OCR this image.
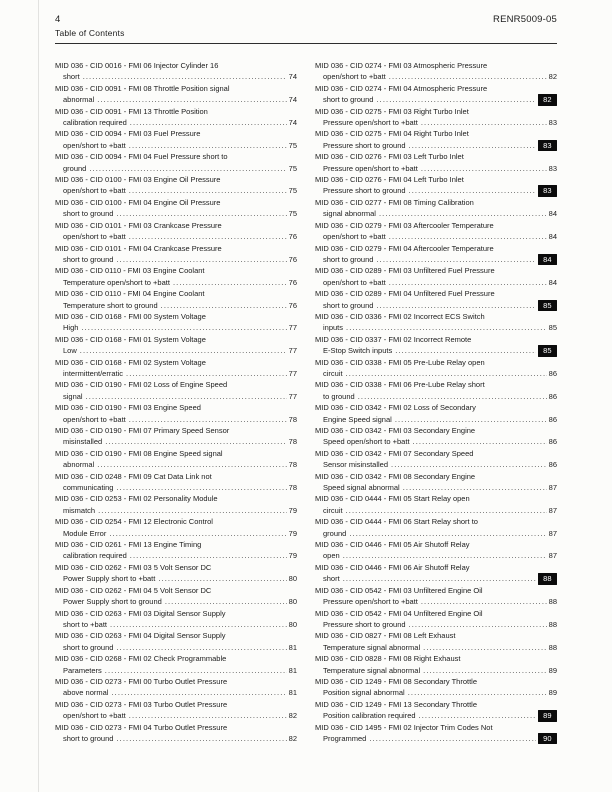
4	RENR5009-05
Table of Contents
MID 036 - CID 0016 - FMI 06 Injector Cylinder 16
short .....	74
MID 036 - CID 0091 - FMI 08 Throttle Position signal
abnormal .....	74
MID 036 - CID 0091 - FMI 13 Throttle Position
calibration required .....	74
MID 036 - CID 0094 - FMI 03 Fuel Pressure
open/short to +batt .....	75
MID 036 - CID 0094 - FMI 04 Fuel Pressure short to
ground .....	75
MID 036 - CID 0100 - FMI 03 Engine Oil Pressure
open/short to +batt .....	75
MID 036 - CID 0100 - FMI 04 Engine Oil Pressure
short to ground .....	75
MID 036 - CID 0101 - FMI 03 Crankcase Pressure
open/short to +batt .....	76
MID 036 - CID 0101 - FMI 04 Crankcase Pressure
short to ground .....	76
MID 036 - CID 0110 - FMI 03 Engine Coolant
Temperature open/short to +batt .....	76
MID 036 - CID 0110 - FMI 04 Engine Coolant
Temperature short to ground .....	76
MID 036 - CID 0168 - FMI 00 System Voltage
High .....	77
MID 036 - CID 0168 - FMI 01 System Voltage
Low .....	77
MID 036 - CID 0168 - FMI 02 System Voltage
intermittent/erratic .....	77
MID 036 - CID 0190 - FMI 02 Loss of Engine Speed
signal .....	77
MID 036 - CID 0190 - FMI 03 Engine Speed
open/short to +batt .....	78
MID 036 - CID 0190 - FMI 07 Primary Speed Sensor
misinstalled .....	78
MID 036 - CID 0190 - FMI 08 Engine Speed signal
abnormal .....	78
MID 036 - CID 0248 - FMI 09 Cat Data Link not
communicating .....	78
MID 036 - CID 0253 - FMI 02 Personality Module
mismatch .....	79
MID 036 - CID 0254 - FMI 12 Electronic Control
Module Error .....	79
MID 036 - CID 0261 - FMI 13 Engine Timing
calibration required .....	79
MID 036 - CID 0262 - FMI 03 5 Volt Sensor DC
Power Supply short to +batt .....	80
MID 036 - CID 0262 - FMI 04 5 Volt Sensor DC
Power Supply short to ground .....	80
MID 036 - CID 0263 - FMI 03 Digital Sensor Supply
short to +batt .....	80
MID 036 - CID 0263 - FMI 04 Digital Sensor Supply
short to ground .....	81
MID 036 - CID 0268 - FMI 02 Check Programmable
Parameters .....	81
MID 036 - CID 0273 - FMI 00 Turbo Outlet Pressure
above normal .....	81
MID 036 - CID 0273 - FMI 03 Turbo Outlet Pressure
open/short to +batt .....	82
MID 036 - CID 0273 - FMI 04 Turbo Outlet Pressure
short to ground .....	82
MID 036 - CID 0274 - FMI 03 Atmospheric Pressure
open/short to +batt .....	82
MID 036 - CID 0274 - FMI 04 Atmospheric Pressure
short to ground .....	82
MID 036 - CID 0275 - FMI 03 Right Turbo Inlet
Pressure open/short to +batt .....	83
MID 036 - CID 0275 - FMI 04 Right Turbo Inlet
Pressure short to ground .....	83
MID 036 - CID 0276 - FMI 03 Left Turbo Inlet
Pressure open/short to +batt .....	83
MID 036 - CID 0276 - FMI 04 Left Turbo Inlet
Pressure short to ground .....	83
MID 036 - CID 0277 - FMI 08 Timing Calibration
signal abnormal .....	84
MID 036 - CID 0279 - FMI 03 Aftercooler Temperature
open/short to +batt .....	84
MID 036 - CID 0279 - FMI 04 Aftercooler Temperature
short to ground .....	84
MID 036 - CID 0289 - FMI 03 Unfiltered Fuel Pressure
open/short to +batt .....	84
MID 036 - CID 0289 - FMI 04 Unfiltered Fuel Pressure
short to ground .....	85
MID 036 - CID 0336 - FMI 02 Incorrect ECS Switch
inputs .....	85
MID 036 - CID 0337 - FMI 02 Incorrect Remote
E-Stop Switch inputs .....	85
MID 036 - CID 0338 - FMI 05 Pre-Lube Relay open
circuit .....	86
MID 036 - CID 0338 - FMI 06 Pre-Lube Relay short
to ground .....	86
MID 036 - CID 0342 - FMI 02 Loss of Secondary
Engine Speed signal .....	86
MID 036 - CID 0342 - FMI 03 Secondary Engine
Speed open/short to +batt .....	86
MID 036 - CID 0342 - FMI 07 Secondary Speed
Sensor misinstalled .....	86
MID 036 - CID 0342 - FMI 08 Secondary Engine
Speed signal abnormal .....	87
MID 036 - CID 0444 - FMI 05 Start Relay open
circuit .....	87
MID 036 - CID 0444 - FMI 06 Start Relay short to
ground .....	87
MID 036 - CID 0446 - FMI 05 Air Shutoff Relay
open .....	87
MID 036 - CID 0446 - FMI 06 Air Shutoff Relay
short .....	88
MID 036 - CID 0542 - FMI 03 Unfiltered Engine Oil
Pressure open/short to +batt .....	88
MID 036 - CID 0542 - FMI 04 Unfiltered Engine Oil
Pressure short to ground .....	88
MID 036 - CID 0827 - FMI 08 Left Exhaust
Temperature signal abnormal .....	88
MID 036 - CID 0828 - FMI 08 Right Exhaust
Temperature signal abnormal .....	89
MID 036 - CID 1249 - FMI 08 Secondary Throttle
Position signal abnormal .....	89
MID 036 - CID 1249 - FMI 13 Secondary Throttle
Position calibration required .....	89
MID 036 - CID 1495 - FMI 02 Injector Trim Codes Not
Programmed .....	90
